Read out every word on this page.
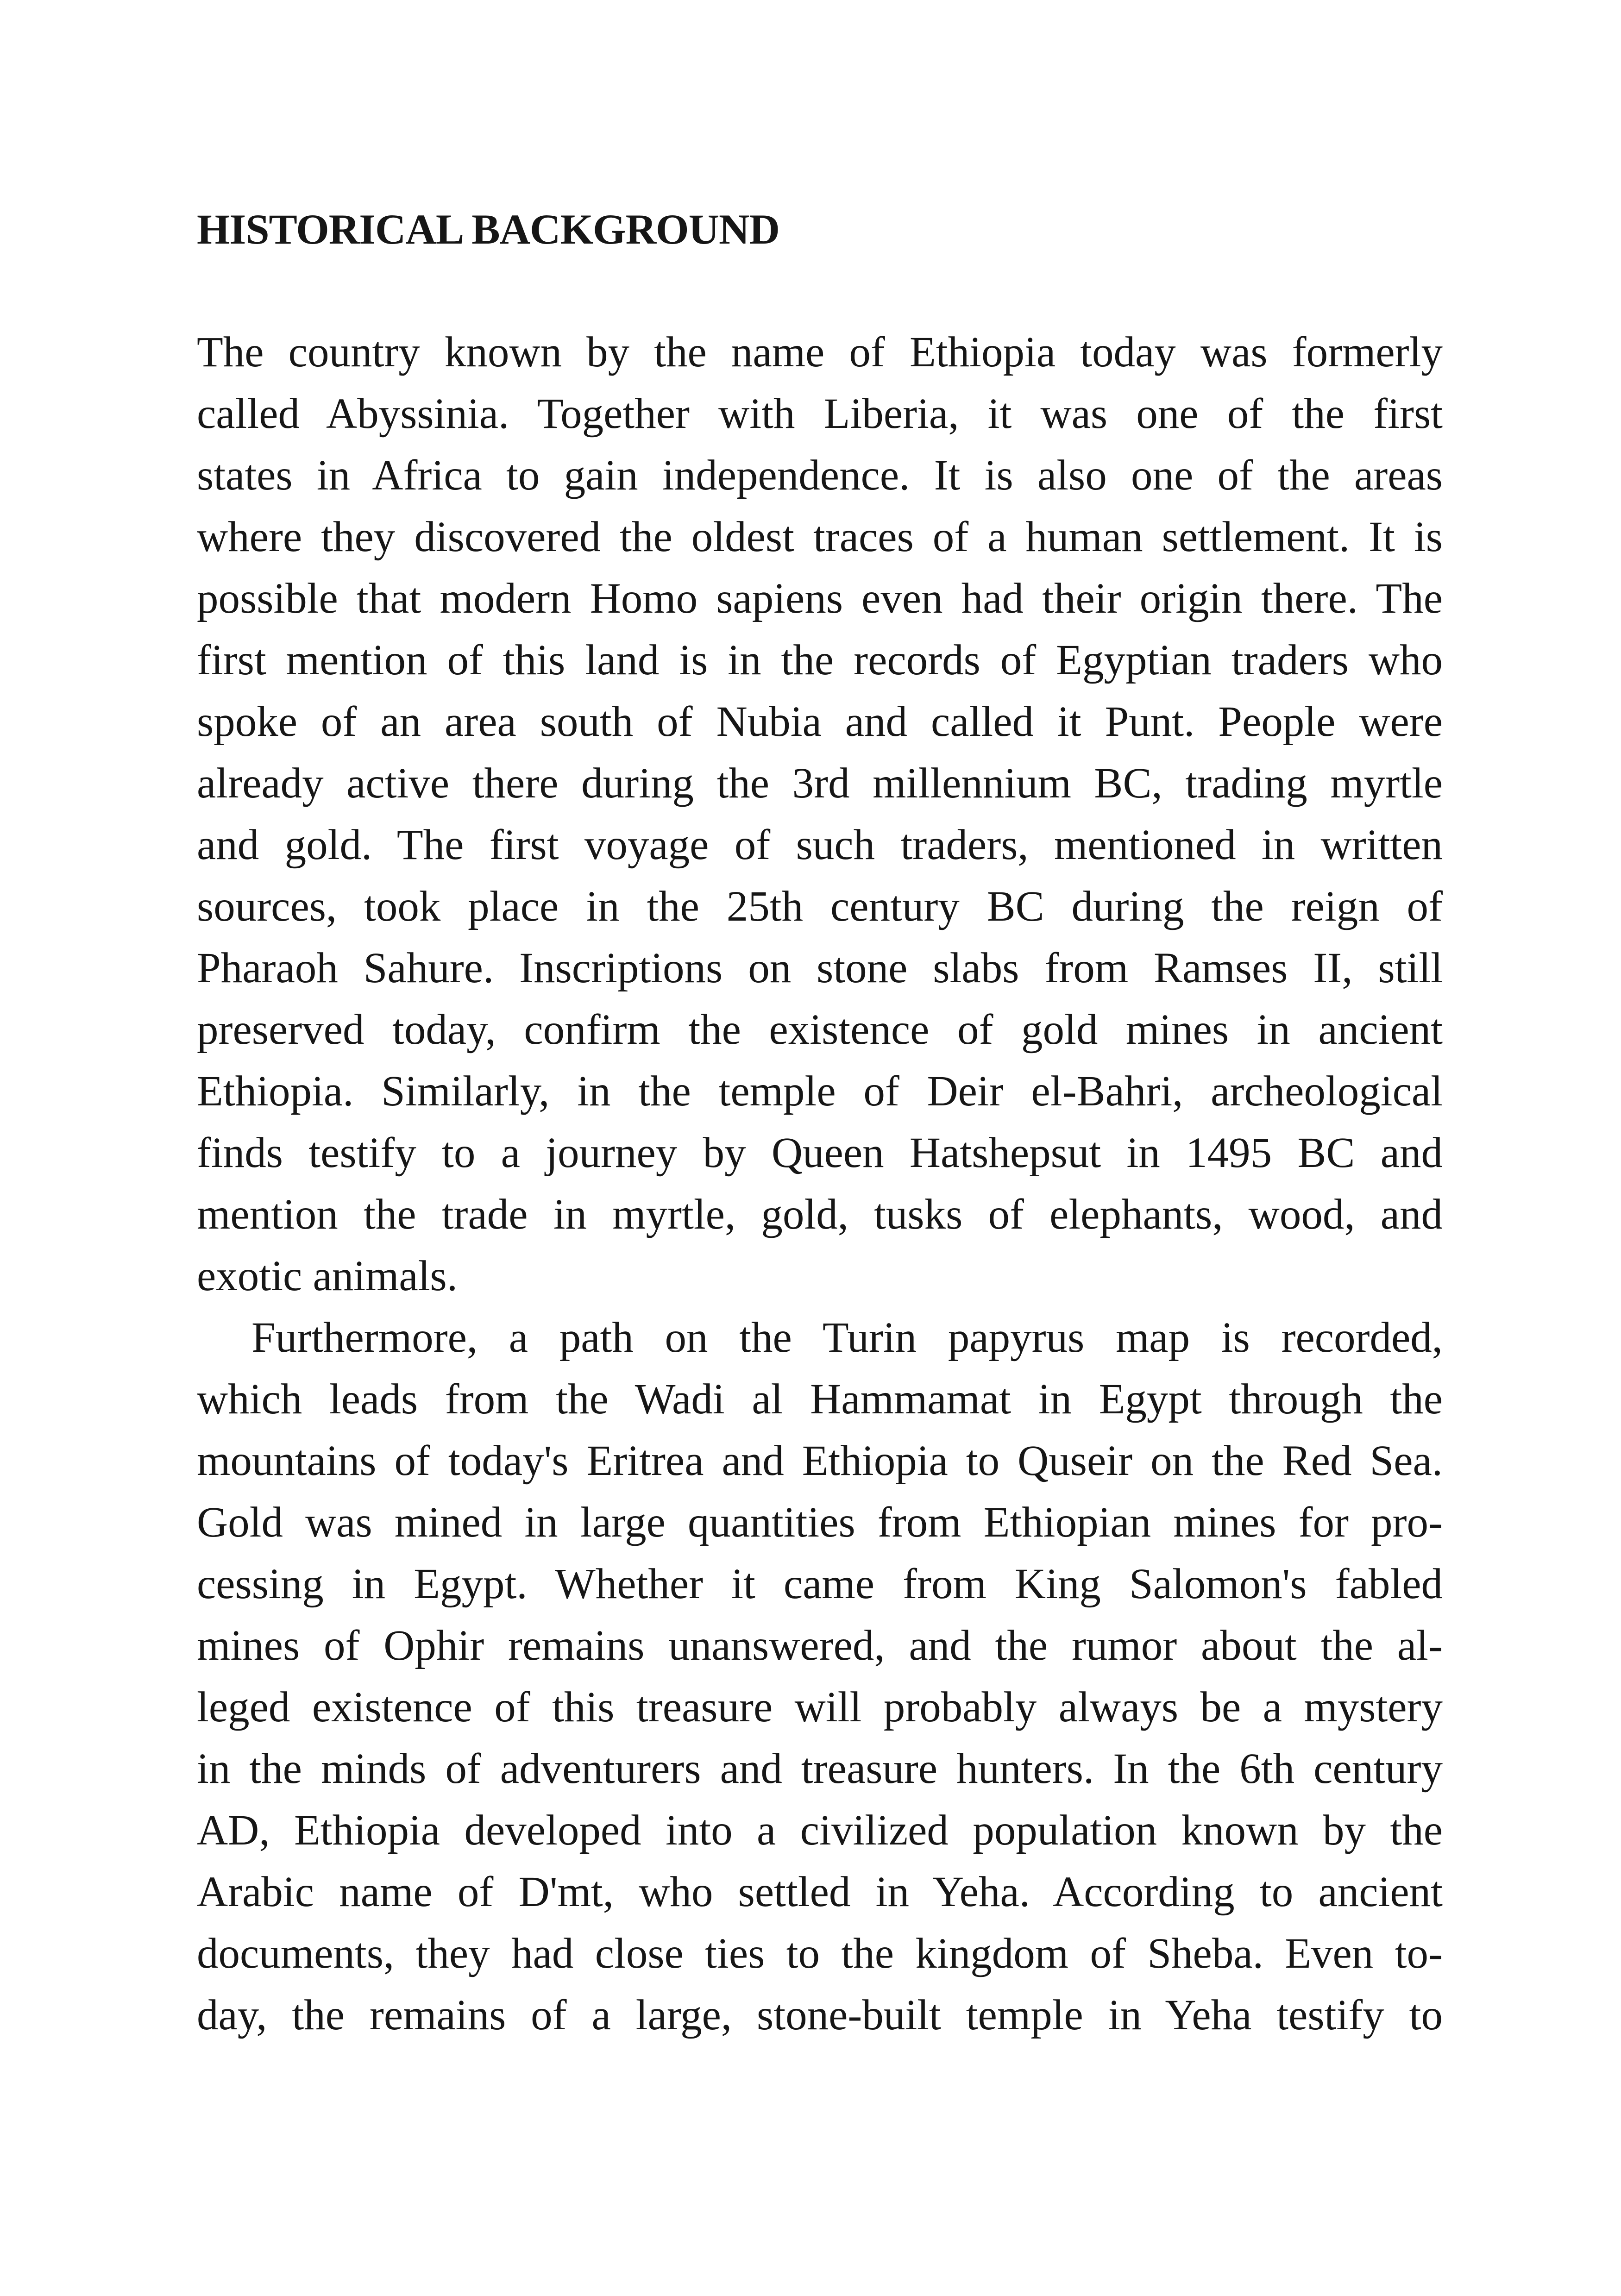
HISTORICAL BACKGROUND
The country known by the name of Ethiopia today was formerly
called Abyssinia. Together with Liberia, it was one of the first
states in Africa to gain independence. It is also one of the areas
where they discovered the oldest traces of a human settlement. It is
possible that modern Homo sapiens even had their origin there. The
first mention of this land is in the records of Egyptian traders who
spoke of an area south of Nubia and called it Punt. People were
already active there during the 3rd millennium BC, trading myrtle
and gold. The first voyage of such traders, mentioned in written
sources, took place in the 25th century BC during the reign of
Pharaoh Sahure. Inscriptions on stone slabs from Ramses II, still
preserved today, confirm the existence of gold mines in ancient
Ethiopia. Similarly, in the temple of Deir el-Bahri, archeological
finds testify to a journey by Queen Hatshepsut in 1495 BC and
mention the trade in myrtle, gold, tusks of elephants, wood, and
exotic animals.
Furthermore, a path on the Turin papyrus map is recorded,
which leads from the Wadi al Hammamat in Egypt through the
mountains of today's Eritrea and Ethiopia to Quseir on the Red Sea.
Gold was mined in large quantities from Ethiopian mines for pro-
cessing in Egypt. Whether it came from King Salomon's fabled
mines of Ophir remains unanswered, and the rumor about the al-
leged existence of this treasure will probably always be a mystery
in the minds of adventurers and treasure hunters. In the 6th century
AD, Ethiopia developed into a civilized population known by the
Arabic name of D'mt, who settled in Yeha. According to ancient
documents, they had close ties to the kingdom of Sheba. Even to-
day, the remains of a large, stone-built temple in Yeha testify to
